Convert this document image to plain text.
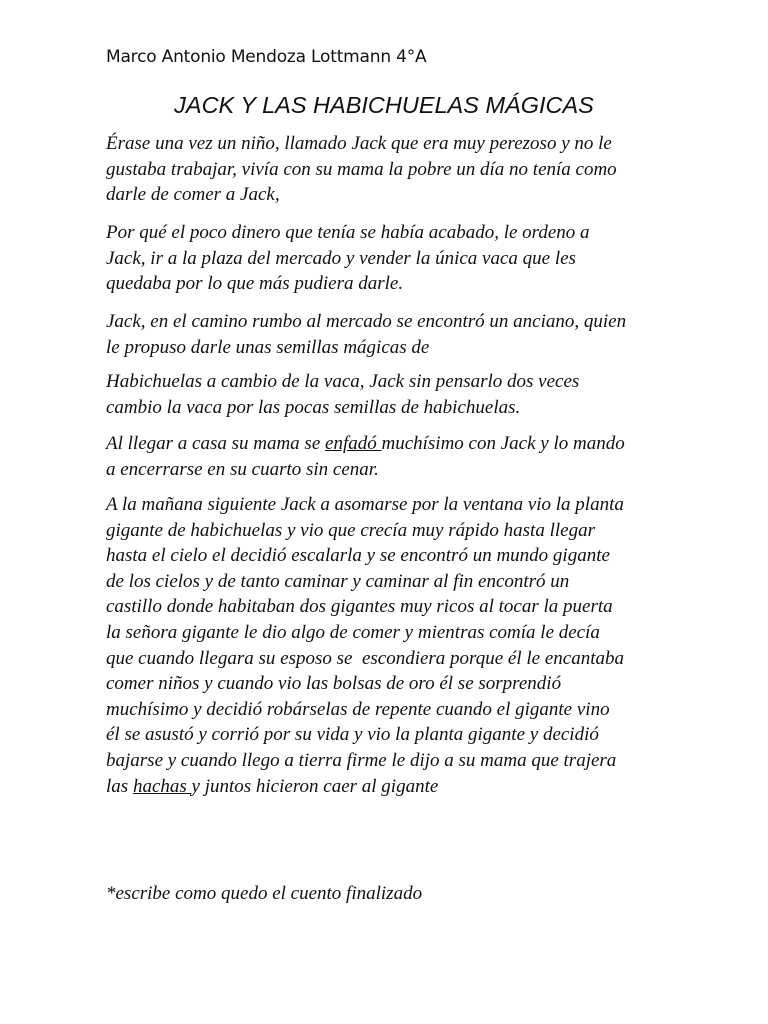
Marco Antonio Mendoza Lottmann 4°A
JACK Y LAS HABICHUELAS MÁGICAS

Érase una vez un niño, llamado Jack que era muy perezoso y no le
gustaba trabajar, vivía con su mama la pobre un día no tenía como
darle de comer a Jack,

Por qué el poco dinero que tenía se había acabado, le ordeno a
Jack, ir a la plaza del mercado y vender la única vaca que les
quedaba por lo que más pudiera darle.

Jack, en el camino rumbo al mercado se encontró un anciano, quien
le propuso darle unas semillas mágicas de

Habichuelas a cambio de la vaca, Jack sin pensarlo dos veces
cambio la vaca por las pocas semillas de habichuelas.

Al llegar a casa su mama se enfadó muchísimo con Jack y lo mando
a encerrarse en su cuarto sin cenar.

A la mañana siguiente Jack a asomarse por la ventana vio la planta
gigante de habichuelas y vio que crecía muy rápido hasta llegar
hasta el cielo el decidió escalarla y se encontró un mundo gigante
de los cielos y de tanto caminar y caminar al fin encontró un
castillo donde habitaban dos gigantes muy ricos al tocar la puerta
la señora gigante le dio algo de comer y mientras comía le decía
que cuando llegara su esposo se  escondiera porque él le encantaba
comer niños y cuando vio las bolsas de oro él se sorprendió
muchísimo y decidió robárselas de repente cuando el gigante vino
él se asustó y corrió por su vida y vio la planta gigante y decidió
bajarse y cuando llego a tierra firme le dijo a su mama que trajera
las hachas y juntos hicieron caer al gigante

*escribe como quedo el cuento finalizado
